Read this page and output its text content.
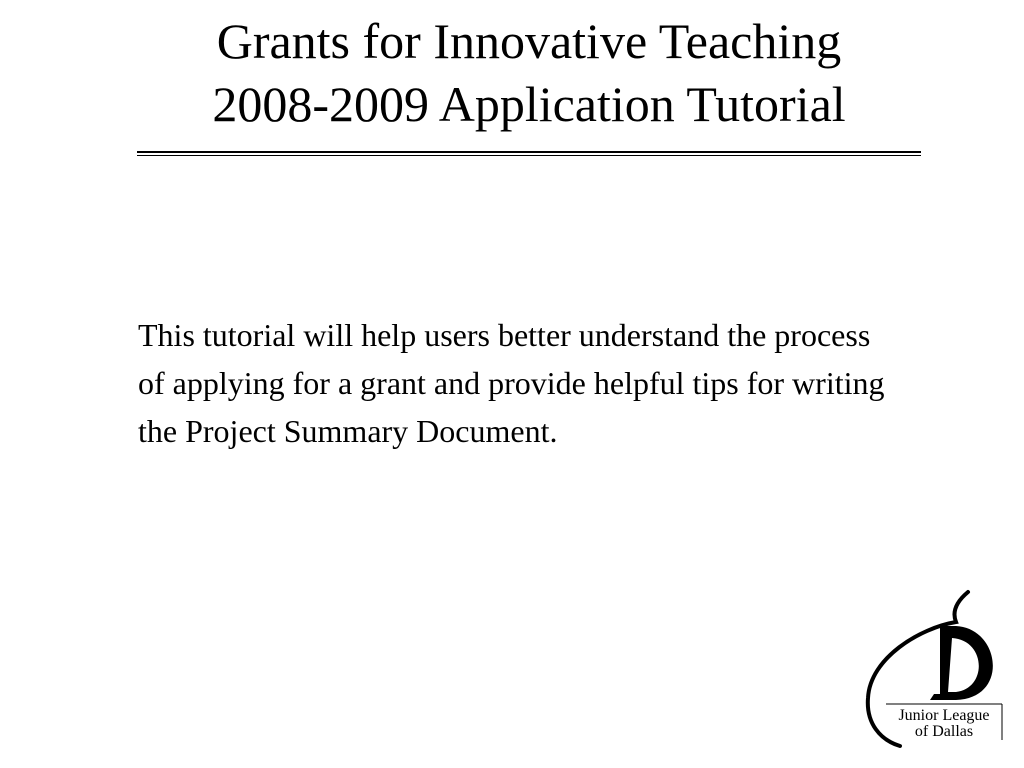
Grants for Innovative Teaching
2008-2009 Application Tutorial

This tutorial will help users better understand the process of applying for a grant and provide helpful tips for writing the Project Summary Document.

Junior League
of Dallas
